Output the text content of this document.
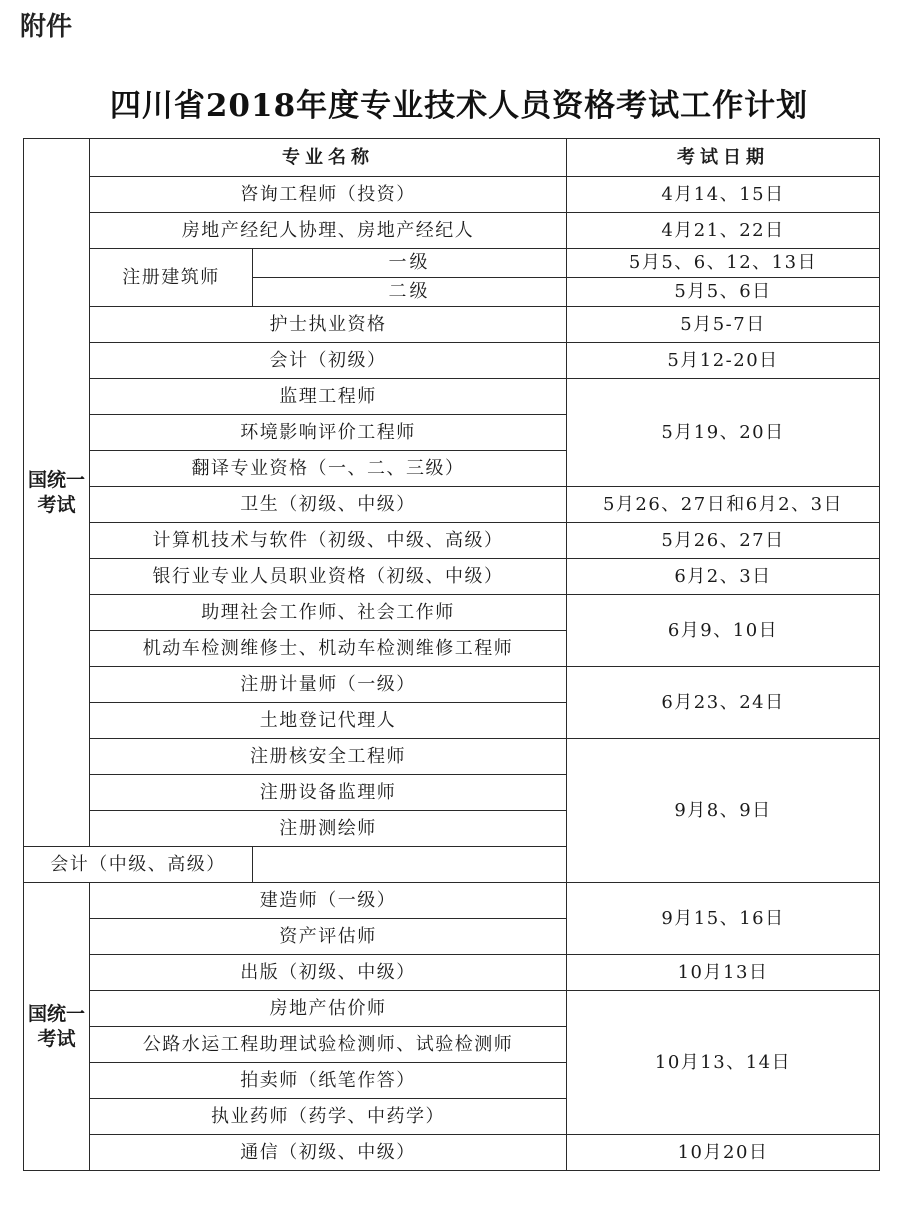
附件
四川省2018年度专业技术人员资格考试工作计划
国统一考试	专业名称		考试日期
	咨询工程师（投资）		4月14、15日
	房地产经纪人协理、房地产经纪人		4月21、22日
	注册建筑师	一级	5月5、6、12、13日
		二级	5月5、6日
	护士执业资格		5月5-7日
	会计（初级）		5月12-20日
	监理工程师		5月19、20日
	环境影响评价工程师		
	翻译专业资格（一、二、三级）		
	卫生（初级、中级）		5月26、27日和6月2、3日
	计算机技术与软件（初级、中级、高级）		5月26、27日
	银行业专业人员职业资格（初级、中级）		6月2、3日
	助理社会工作师、社会工作师		6月9、10日
	机动车检测维修士、机动车检测维修工程师		
	注册计量师（一级）		6月23、24日
	土地登记代理人		
	注册核安全工程师		9月8、9日
	注册设备监理师		
	注册测绘师		
会计（中级、高级）			
国统一考试	建造师（一级）		9月15、16日
	资产评估师		
	出版（初级、中级）		10月13日
	房地产估价师		10月13、14日
	公路水运工程助理试验检测师、试验检测师		
	拍卖师（纸笔作答）		
	执业药师（药学、中药学）		
	通信（初级、中级）		10月20日
